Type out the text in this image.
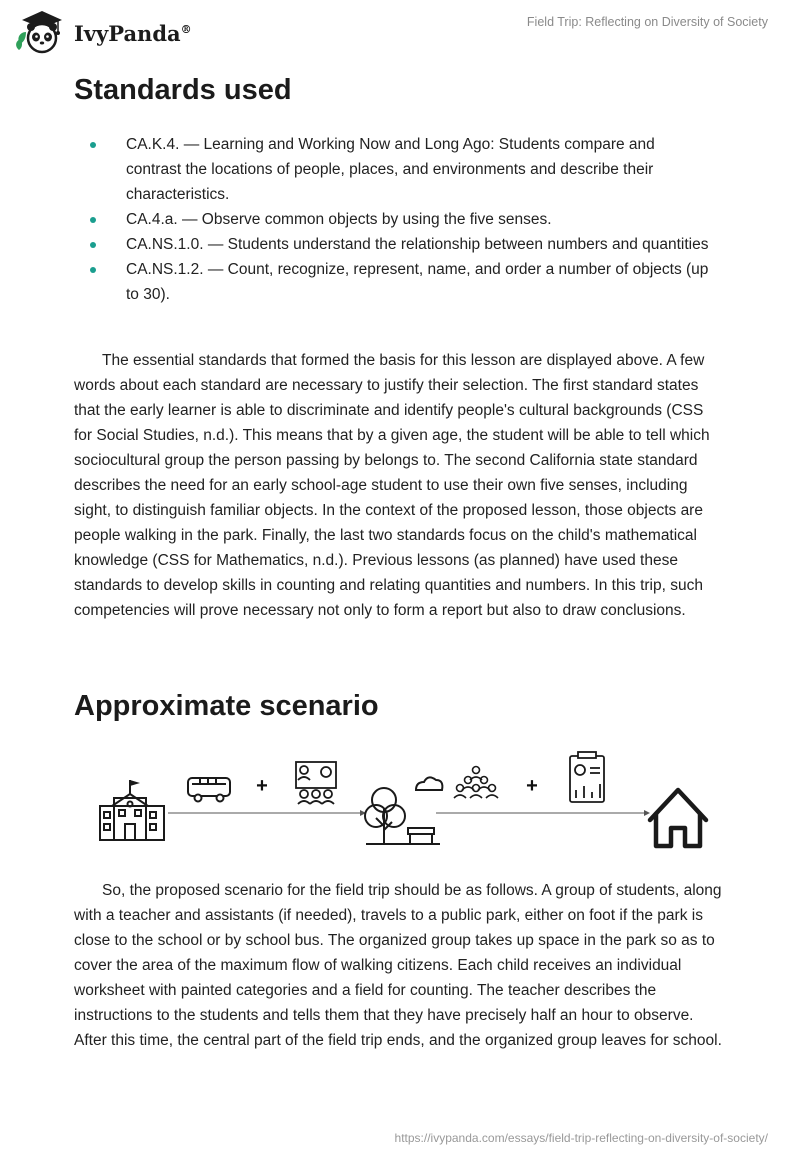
IvyPanda®	Field Trip: Reflecting on Diversity of Society
Standards used
CA.K.4. — Learning and Working Now and Long Ago: Students compare and contrast the locations of people, places, and environments and describe their characteristics.
CA.4.a. — Observe common objects by using the five senses.
CA.NS.1.0. — Students understand the relationship between numbers and quantities
CA.NS.1.2. — Count, recognize, represent, name, and order a number of objects (up to 30).

The essential standards that formed the basis for this lesson are displayed above. A few words about each standard are necessary to justify their selection. The first standard states that the early learner is able to discriminate and identify people's cultural backgrounds (CSS for Social Studies, n.d.). This means that by a given age, the student will be able to tell which sociocultural group the person passing by belongs to. The second California state standard describes the need for an early school-age student to use their own five senses, including sight, to distinguish familiar objects. In the context of the proposed lesson, those objects are people walking in the park. Finally, the last two standards focus on the child's mathematical knowledge (CSS for Mathematics, n.d.). Previous lessons (as planned) have used these standards to develop skills in counting and relating quantities and numbers. In this trip, such competencies will prove necessary not only to form a report but also to draw conclusions.

Approximate scenario
+	+

So, the proposed scenario for the field trip should be as follows. A group of students, along with a teacher and assistants (if needed), travels to a public park, either on foot if the park is close to the school or by school bus. The organized group takes up space in the park so as to cover the area of the maximum flow of walking citizens. Each child receives an individual worksheet with painted categories and a field for counting. The teacher describes the instructions to the students and tells them that they have precisely half an hour to observe. After this time, the central part of the field trip ends, and the organized group leaves for school.

https://ivypanda.com/essays/field-trip-reflecting-on-diversity-of-society/
